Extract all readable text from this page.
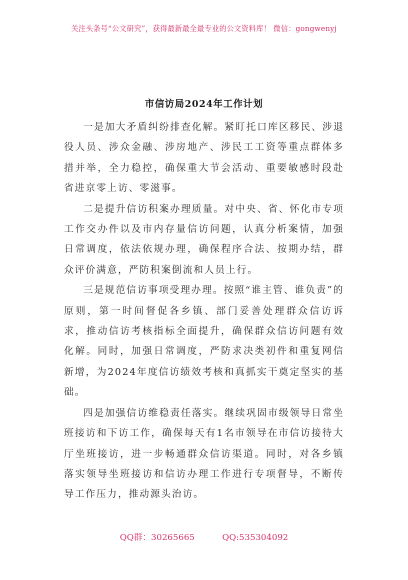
关注头条号“公文研究”，获得最新最全最专业的公文资料库！ 微信：gongwenyj
市信访局2024年工作计划

一是加大矛盾纠纷排查化解。紧盯托口库区移民、涉退役人员、涉众金融、涉房地产、涉民工工资等重点群体多措并举，全力稳控，确保重大节会活动、重要敏感时段赴省进京零上访、零滋事。

二是提升信访积案办理质量。对中央、省、怀化市专项工作交办件以及市内存量信访问题，认真分析案情，加强日常调度，依法依规办理，确保程序合法、按期办结，群众评价满意，严防积案倒流和人员上行。

三是规范信访事项受理办理。按照“谁主管、谁负责”的原则，第一时间督促各乡镇、部门妥善处理群众信访诉求，推动信访考核指标全面提升，确保群众信访问题有效化解。同时，加强日常调度，严防求决类初件和重复网信新增，为2024年度信访绩效考核和真抓实干奠定坚实的基础。

四是加强信访维稳责任落实。继续巩固市级领导日常坐班接访和下访工作，确保每天有1名市领导在市信访接待大厅坐班接访，进一步畅通群众信访渠道。同时，对各乡镇落实领导坐班接访和信访办理工作进行专项督导，不断传导工作压力，推动源头治访。

QQ群：30265665          QQ:535304092
